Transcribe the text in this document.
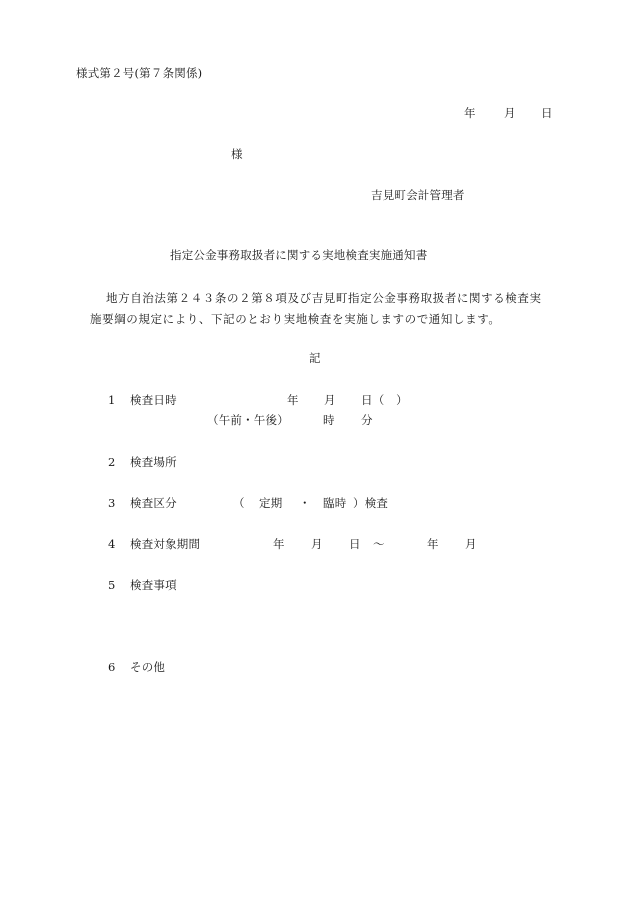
様式第２号(第７条関係)
年 月 日
様
吉見町会計管理者
指定公金事務取扱者に関する実地検査実施通知書
地方自治法第２４３条の２第８項及び吉見町指定公金事務取扱者に関する検査実
施要綱の規定により、下記のとおり実地検査を実施しますので通知します。
記
1 検査日時	年 月 日（　）
（午前・午後）	時 分
2 検査場所
3 検査区分	（ 定期 ・ 臨時 ）検査
4 検査対象期間	年 月 日 ～	年 月
5 検査事項
6 その他
